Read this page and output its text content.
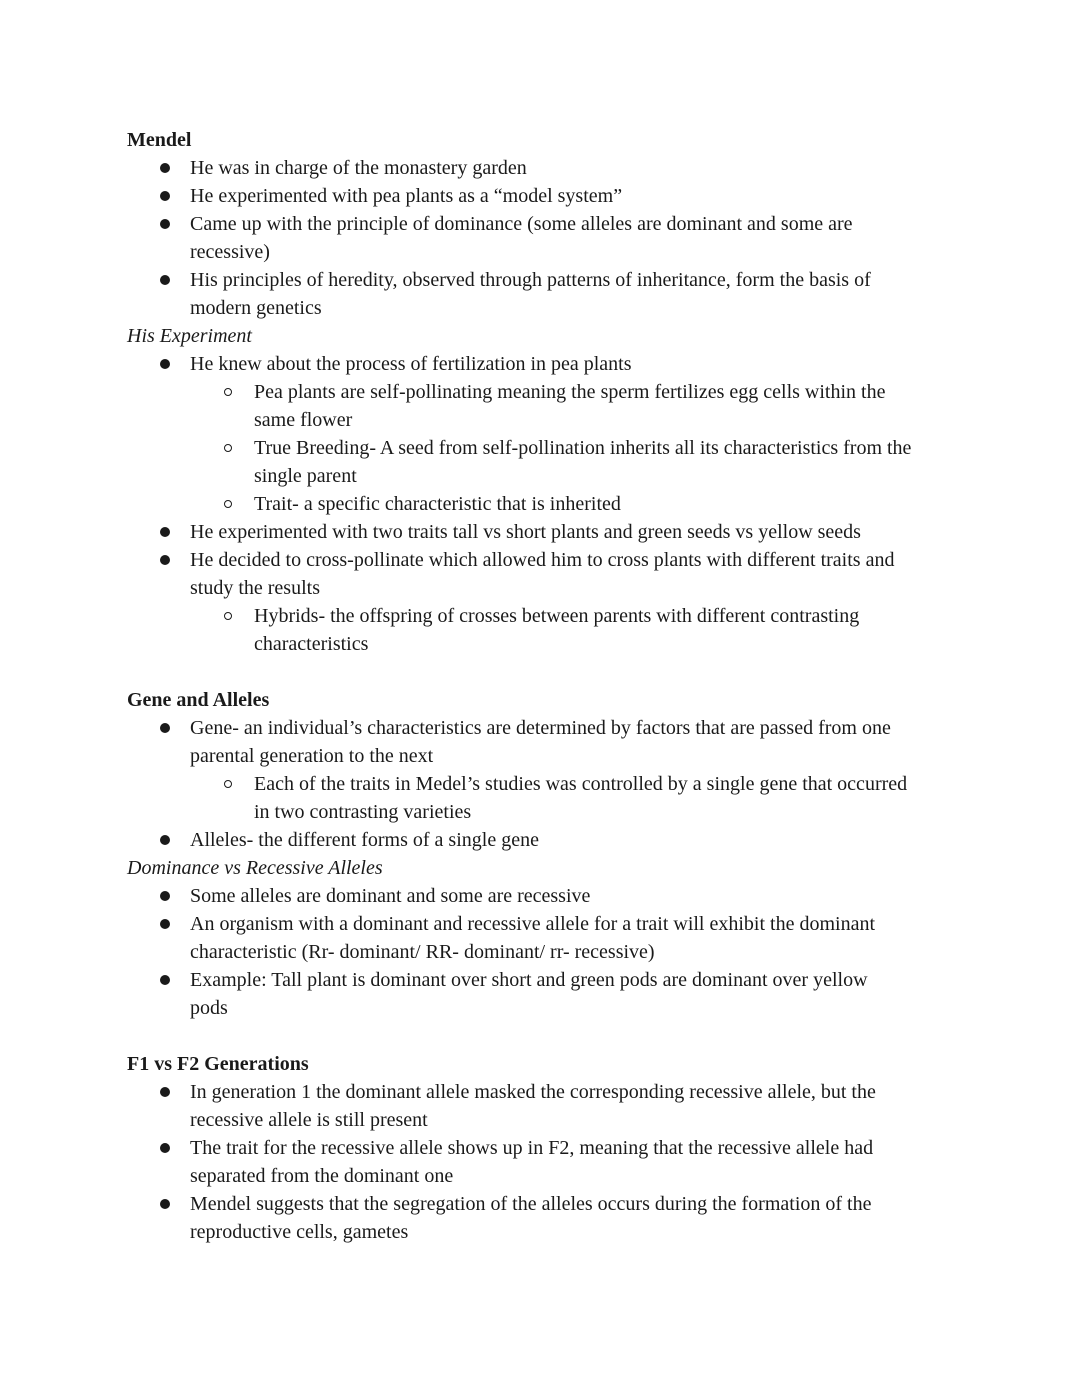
Mendel
He was in charge of the monastery garden
He experimented with pea plants as a “model system”
Came up with the principle of dominance (some alleles are dominant and some are
recessive)
His principles of heredity, observed through patterns of inheritance, form the basis of
modern genetics
His Experiment
He knew about the process of fertilization in pea plants
Pea plants are self-pollinating meaning the sperm fertilizes egg cells within the
same flower
True Breeding- A seed from self-pollination inherits all its characteristics from the
single parent
Trait- a specific characteristic that is inherited
He experimented with two traits tall vs short plants and green seeds vs yellow seeds
He decided to cross-pollinate which allowed him to cross plants with different traits and
study the results
Hybrids- the offspring of crosses between parents with different contrasting
characteristics
Gene and Alleles
Gene- an individual’s characteristics are determined by factors that are passed from one
parental generation to the next
Each of the traits in Medel’s studies was controlled by a single gene that occurred
in two contrasting varieties
Alleles- the different forms of a single gene
Dominance vs Recessive Alleles
Some alleles are dominant and some are recessive
An organism with a dominant and recessive allele for a trait will exhibit the dominant
characteristic (Rr- dominant/ RR- dominant/ rr- recessive)
Example: Tall plant is dominant over short and green pods are dominant over yellow
pods
F1 vs F2 Generations
In generation 1 the dominant allele masked the corresponding recessive allele, but the
recessive allele is still present
The trait for the recessive allele shows up in F2, meaning that the recessive allele had
separated from the dominant one
Mendel suggests that the segregation of the alleles occurs during the formation of the
reproductive cells, gametes
